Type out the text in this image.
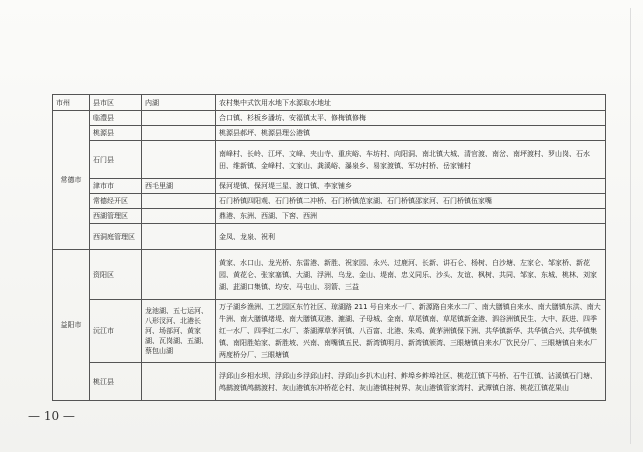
市州	县市区	内湖	农村集中式饮用水地下水源取水地址
常德市	临澧县		合口镇、杉板乡潘坊、安福镇太平、修梅镇修梅
	桃源县		桃源县郝坪、桃源县理公港镇
	石门县		南峰村、长岭、江坪、文峰、夹山寺、重庆峪、车坊村、向阳洞、南北镇大城、清官渡、南岔、南坪渡村、罗山岗、石水田、维新镇、金峰村、文家山、龚溪峪、瀑泉乡、易家渡镇、军功村桥、岳家铺村
	津市市	西毛里湖	保河堤镇、保河堤三星、渡口镇、李家铺乡
	常德经开区		石门桥镇四阳观、石门桥镇二冲桥、石门桥镇范家湖、石门桥镇邵家河、石门桥镇伍家嘴
	西湖管理区		鼎港、东洲、西湖、下窖、西洲
	西洞庭管理区		金凤、龙泉、祝利
益阳市	资阳区		黄家、水口山、龙光桥、东雷港、新胜、祝家园、永兴、过鹿河、长新、讲石仑、杨树、白沙塘、左家仑、邹家桥、新花园、黄花仑、张家塞镇、大湖、浮洲、乌龙、金山、堤南、忠义同乐、沙头、友谊、枫树、共同、邹家、东城、桃林、刘家湖、茈湖口集镇、均安、马屯山、羽箭、三益
	沅江市	龙池湖、五七运河、八形汊河、北港长河、场部河、黄家湖、瓦岗湖、五湖、蔡包山湖	万子湖乡渔洲、工艺园区东竹社区、琼湖路 211 号自来水一厂、新源路自来水二厂、南大膳镇自来水、南大膳镇东洪、南大牛洲、南大膳镇堵堤、南大膳镇双港、漉湖、子母城、金南、草尾镇南、草尾镇新金港、泗谷洲镇民生、大中、跃进、四季红一水厂、四季红二水厂、茶湖潭草茅河镇、八百富、北港、朱鸡、黄茅洲镇保下洲、共华镇新华、共华镇合兴、共华镇集镇、南阳胜始家、新胜坡、兴南、南嘴镇五民、新湾镇明月、新湾镇颁湾、三眼塘镇自来水厂饮民分厂、三眼塘镇自来水厂两度桥分厂、三眼塘镇
	桃江县		浮邱山乡相水坝、浮邱山乡浮邱山村、浮邱山乡扒木山村、鲊埠乡鲊埠社区、桃花江镇下马桥、石牛江镇、沾溪镇石门塘、鸬鹚渡镇鸬鹚渡村、灰山港镇东冲桥花仑村、灰山港镇桂树界、灰山港镇管家湾村、武潭镇白溶、桃花江镇花果山
— 10 —
